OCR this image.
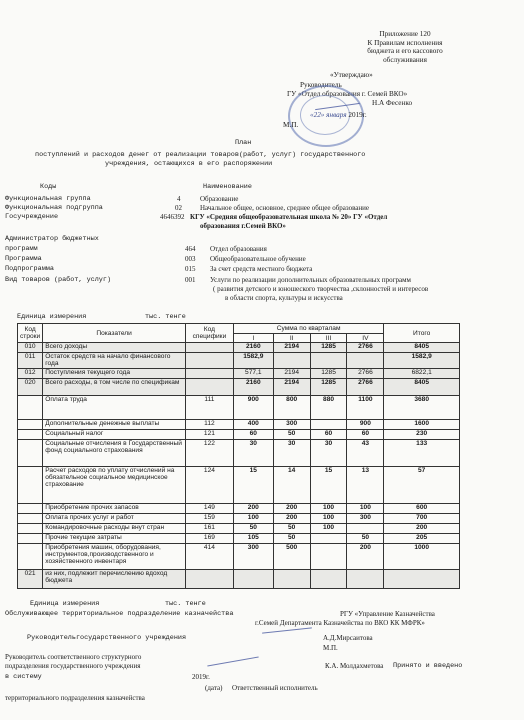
Приложение 120
К Правилам исполнения
бюджета и его кассового
обслуживания
«Утверждаю»
Руководитель
ГУ «Отдел образования г. Семей ВКО»
Н.А Фесенко
«22» января 2019г.
М.П.
План
поступлений и расходов денег от реализации товаров(работ, услуг) государственного
учреждения, остающихся в его распоряжении
Коды	Наименование
Функциональная группа	4	Образование
Функциональная подгруппа	02	Начальное общее, основное, среднее общее образование
Госучреждение	4646392 КГУ «Средняя общеобразовательная школа № 20» ГУ «Отдел
образования г.Семей ВКО»
Администратор бюджетных
программ	464 Отдел образования
Программа	003 Общеобразовательное обучение
Подпрограмма	015 За счет средств местного бюджета
Вид товаров (работ, услуг)	001 Услуги по реализации дополнительных образовательных программ
( развития детского и юношеского творчества ,склонностей и интересов
в области спорта, культуры и искусства
Единица измерения	тыс. тенге
Код строки	Показатели	Код специфики	Сумма по кварталам				Итого
			I	II	III	IV	
010	Всего доходы		2160	2194	1285	2766	8405
011	Остаток средств на начало финансового года		1582,9				1582,9
012	Поступления текущего года		577,1	2194	1285	2766	6822,1
020	Всего расходы, в том числе по спецификам		2160	2194	1285	2766	8405
	Оплата труда	111	900	800	880	1100	3680
	Дополнительные денежные выплаты	112	400	300		900	1600
	Социальный налог	121	60	50	60	60	230
	Социальные отчисления в Государственный фонд социального страхования	122	30	30	30	43	133
	Расчет расходов по уплату отчислений на обязательное социальное медицинское страхование	124	15	14	15	13	57
	Приобретение прочих запасов	149	200	200	100	100	600
	Оплата прочих услуг и работ	159	100	200	100	300	700
	Командировочные расходы внут стран	161	50	50	100		200
	Прочие текущие затраты	169	105	50		50	205
	Приобретения машин, оборудования, инструментов,производственного и хозяйственного инвентаря	414	300	500		200	1000
021	из них, подлежит перечислению вдоход бюджета						
Единица измерения	тыс. тенге
Обслуживающее территориальное подразделение казначейства	РГУ «Управление Казначейства
г.Семей Департамента Казначейства по ВКО КК МФРК»
Руководительгосударственного учреждения	А.Д.Мирсаитова
М.П.
Руководитель соответственного структурного
подразделения государственного учреждения	К.А. Молдахметова Принято и введено
в систему	2019г.
(дата) Ответственный исполнитель
территориального подразделения казначейства
